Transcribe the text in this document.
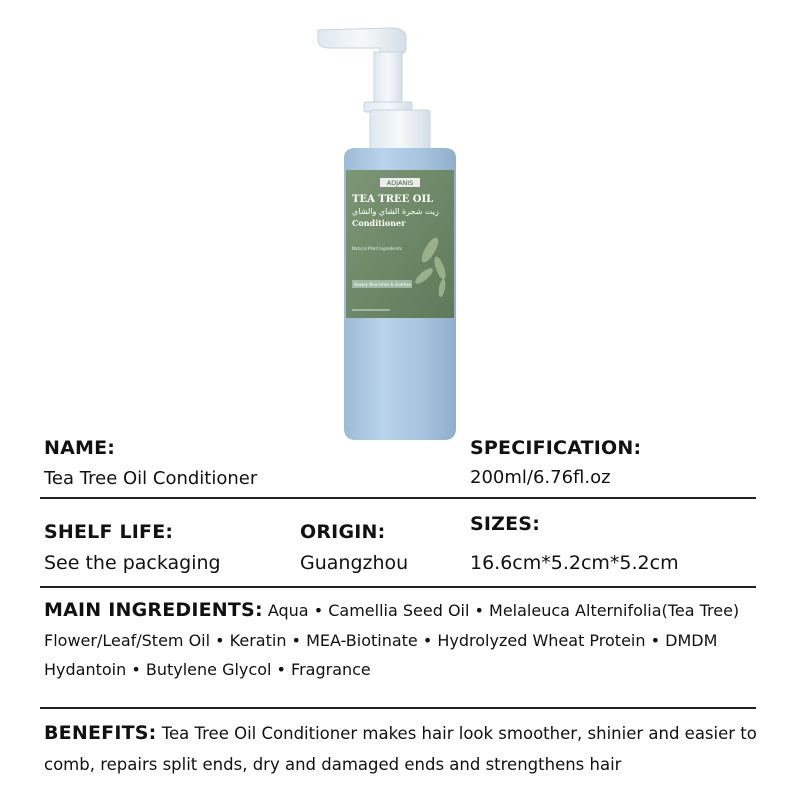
ADJANIS
TEA TREE OIL
زيت شجرة الشاي والشاي
Conditioner
Natural Plant Ingredients
Deeply Nourishes & Soothes
NAME:
Tea Tree Oil Conditioner
SPECIFICATION:
200ml/6.76fl.oz
SHELF LIFE:
See the packaging
ORIGIN:
Guangzhou
SIZES:
16.6cm*5.2cm*5.2cm
MAIN INGREDIENTS: Aqua • Camellia Seed Oil • Melaleuca Alternifolia(Tea Tree) Flower/Leaf/Stem Oil • Keratin • MEA-Biotinate • Hydrolyzed Wheat Protein • DMDM Hydantoin • Butylene Glycol • Fragrance
BENEFITS: Tea Tree Oil Conditioner makes hair look smoother, shinier and easier to comb, repairs split ends, dry and damaged ends and strengthens hair
